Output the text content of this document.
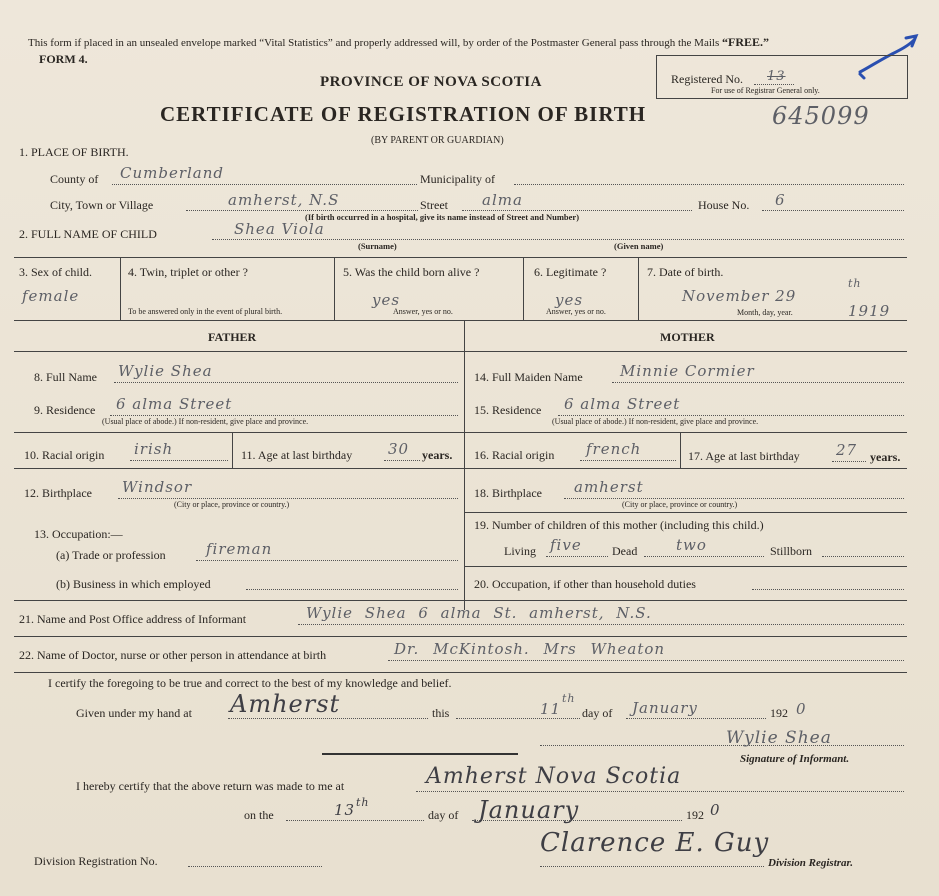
This form if placed in an unsealed envelope marked “Vital Statistics” and properly addressed will, by order of the Postmaster General pass through the Mails “FREE.”
FORM 4.
PROVINCE OF NOVA SCOTIA
CERTIFICATE OF REGISTRATION OF BIRTH	645099
(BY PARENT OR GUARDIAN)
Registered No. 13
For use of Registrar General only.
1. PLACE OF BIRTH.
County of Cumberland	Municipality of
City, Town or Village	amherst, N.S	Street alma	House No. 6
(If birth occurred in a hospital, give its name instead of Street and Number)
2. FULL NAME OF CHILD	Shea Viola
(Surname)	(Given name)
3. Sex of child.
female
4. Twin, triplet or other ?
To be answered only in the event of plural birth.
5. Was the child born alive ?
yes
Answer, yes or no.
6. Legitimate ?
yes
Answer, yes or no.
7. Date of birth.
November 29
th
1919
Month, day, year.
FATHER	MOTHER
8. Full Name Wylie Shea	14. Full Maiden Name Minnie Cormier
9. Residence 6 alma Street
(Usual place of abode.) If non-resident, give place and province.
15. Residence 6 alma Street
(Usual place of abode.) If non-resident, give place and province.
10. Racial origin irish	11. Age at last birthday 30 years. 16. Racial origin french	17. Age at last birthday 27 years.
12. Birthplace Windsor
(City or place, province or country.)
18. Birthplace amherst
(City or place, province or country.)
13. Occupation:—
(a) Trade or profession	fireman
(b) Business in which employed
19. Number of children of this mother (including this child.)
Living five	Dead	two	Stillborn
20. Occupation, if other than household duties
21. Name and Post Office address of Informant	Wylie Shea 6 alma St. amherst, N.S.
22. Name of Doctor, nurse or other person in attendance at birth	Dr. McKintosh. Mrs Wheaton
I certify the foregoing to be true and correct to the best of my knowledge and belief.
Given under my hand at Amherst	this	11
th
day of January	192 0
Wylie Shea
Signature of Informant.
I hereby certify that the above return was made to me at	Amherst Nova Scotia
on the	13 th
day of January	192 0
Division Registration No.
Clarence E. Guy
Division Registrar.
